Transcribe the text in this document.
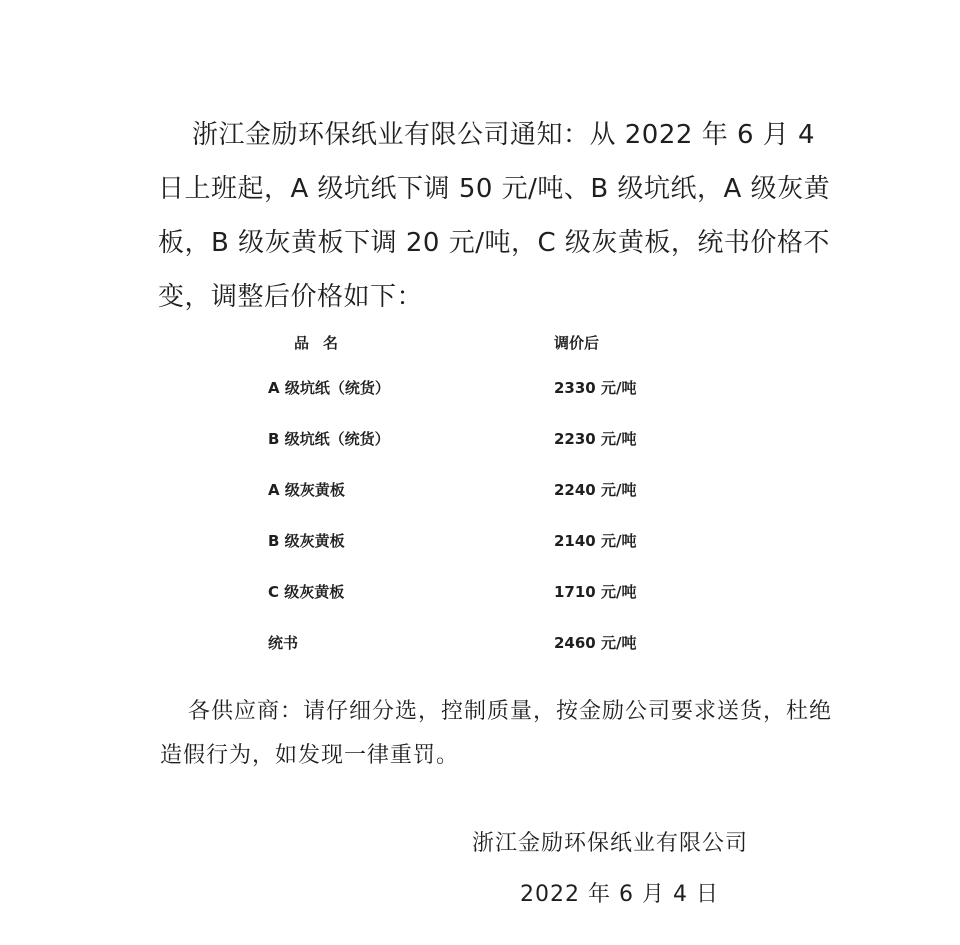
浙江金励环保纸业有限公司通知：从 2022 年 6 月 4 日上班起，A 级坑纸下调 50 元/吨、B 级坑纸，A 级灰黄板，B 级灰黄板下调 20 元/吨，C 级灰黄板，统书价格不变，调整后价格如下：

品名	调价后
A 级坑纸（统货）	2330 元/吨
B 级坑纸（统货）	2230 元/吨
A 级灰黄板	2240 元/吨
B 级灰黄板	2140 元/吨
C 级灰黄板	1710 元/吨
统书	2460 元/吨

各供应商：请仔细分选，控制质量，按金励公司要求送货，杜绝造假行为，如发现一律重罚。

浙江金励环保纸业有限公司
2022 年 6 月 4 日
